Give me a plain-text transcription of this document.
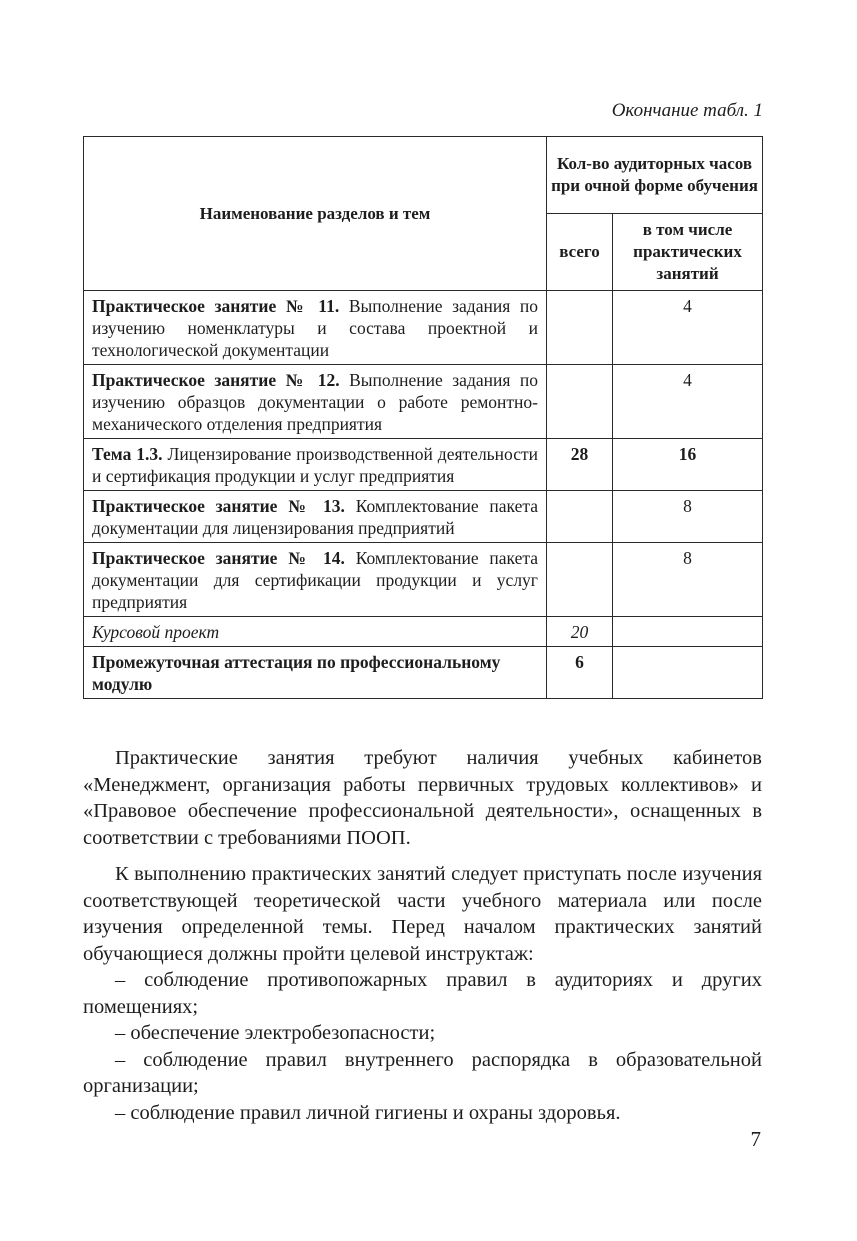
Окончание табл. 1
Наименование разделов и тем	Кол-во аудиторных часов при очной форме обучения	
	всего	в том числе практических занятий
Практическое занятие № 11. Выполнение задания по изучению номенклатуры и состава проектной и технологической документации		4
Практическое занятие № 12. Выполнение задания по изучению образцов документации о работе ремонтно-механического отделения предприятия		4
Тема 1.3. Лицензирование производственной деятельности и сертификация продукции и услуг предприятия	28	16
Практическое занятие № 13. Комплектование пакета документации для лицензирования предприятий		8
Практическое занятие № 14. Комплектование пакета документации для сертификации продукции и услуг предприятия		8
Курсовой проект	20	
Промежуточная аттестация по профессиональному модулю	6	

Практические занятия требуют наличия учебных кабинетов «Менеджмент, организация работы первичных трудовых коллективов» и «Правовое обеспечение профессиональной деятельности», оснащенных в соответствии с требованиями ПООП.

К выполнению практических занятий следует приступать после изучения соответствующей теоретической части учебного материала или после изучения определенной темы. Перед началом практических занятий обучающиеся должны пройти целевой инструктаж:

– соблюдение противопожарных правил в аудиториях и других помещениях;

– обеспечение электробезопасности;

– соблюдение правил внутреннего распорядка в образовательной организации;

– соблюдение правил личной гигиены и охраны здоровья.

7
